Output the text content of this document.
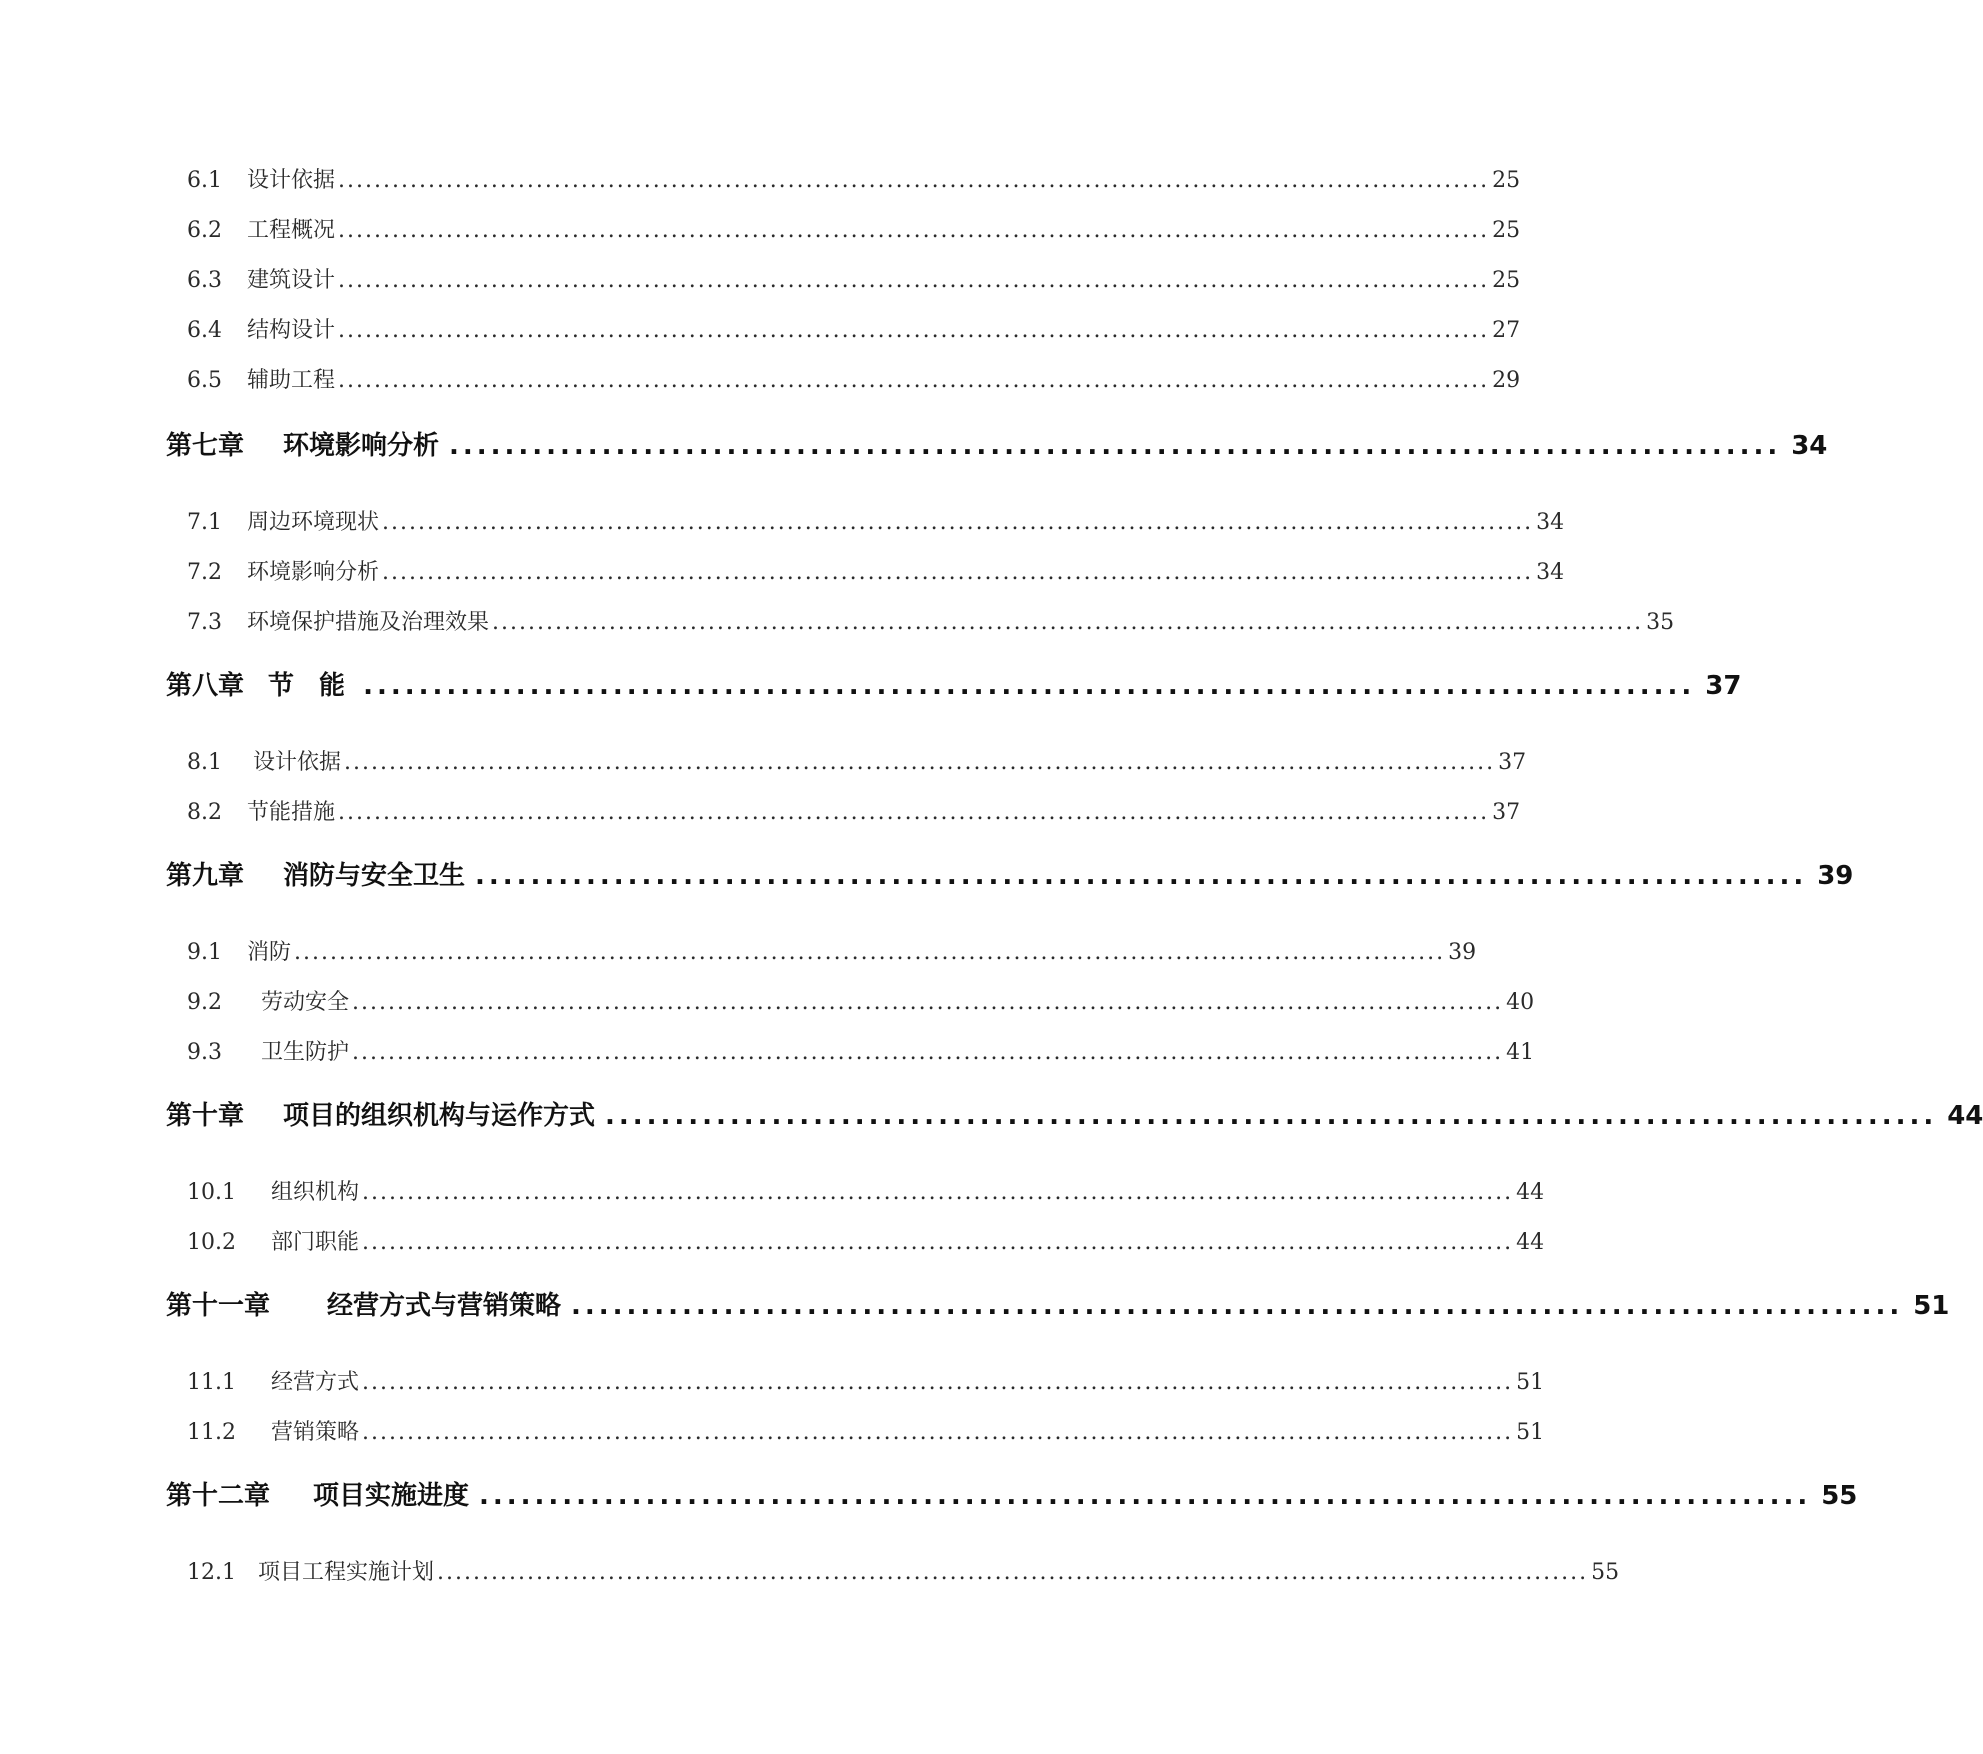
6.1	设计依据 ................................................................................................................................ 25
6.2	工程概况 ................................................................................................................................ 25
6.3	建筑设计 ................................................................................................................................ 25
6.4	结构设计 ................................................................................................................................ 27
6.5	辅助工程 ................................................................................................................................ 29
第七章	环境影响分析 ................................................................................................ 34
7.1	周边环境现状 ................................................................................................................................ 34
7.2	环境影响分析 ................................................................................................................................ 34
7.3	环境保护措施及治理效果 ................................................................................................................................ 35
第八章 节 能 ................................................................................................ 37
8.1	设计依据 ................................................................................................................................ 37
8.2	节能措施 ................................................................................................................................ 37
第九章	消防与安全卫生 ................................................................................................ 39
9.1	消防 ................................................................................................................................ 39
9.2	劳动安全 ................................................................................................................................ 40
9.3	卫生防护 ................................................................................................................................ 41
第十章	项目的组织机构与运作方式 ................................................................................................ 44
10.1	组织机构 ................................................................................................................................ 44
10.2	部门职能 ................................................................................................................................ 44
第十一章	经营方式与营销策略 ................................................................................................ 51
11.1	经营方式 ................................................................................................................................ 51
11.2	营销策略 ................................................................................................................................ 51
第十二章	项目实施进度 ................................................................................................ 55
12.1	项目工程实施计划 ................................................................................................................................ 55
